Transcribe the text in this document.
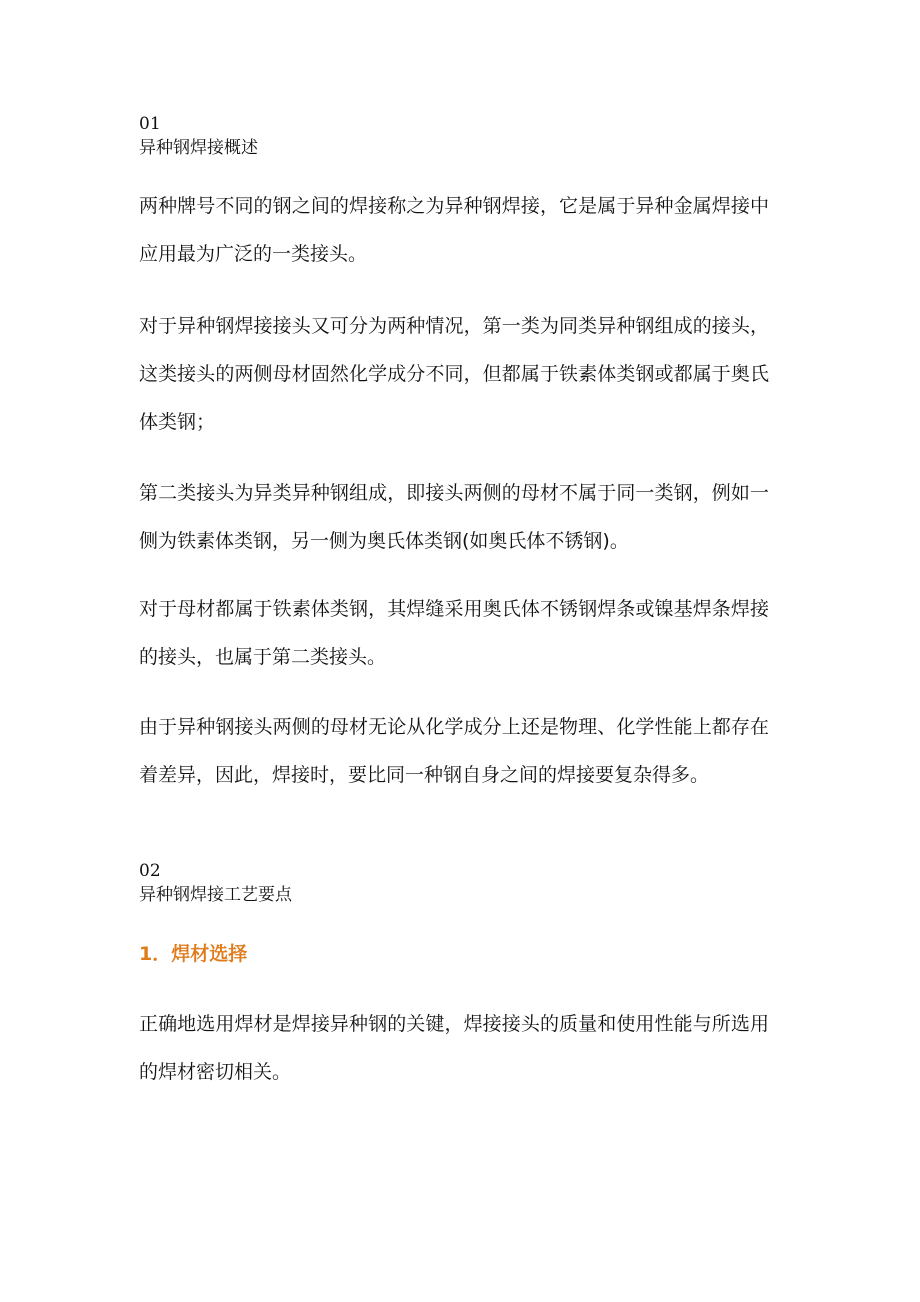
01
异种钢焊接概述

两种牌号不同的钢之间的焊接称之为异种钢焊接，它是属于异种金属焊接中应用最为广泛的一类接头。

对于异种钢焊接接头又可分为两种情况，第一类为同类异种钢组成的接头，这类接头的两侧母材固然化学成分不同，但都属于铁素体类钢或都属于奥氏体类钢；

第二类接头为异类异种钢组成，即接头两侧的母材不属于同一类钢，例如一侧为铁素体类钢，另一侧为奥氏体类钢(如奥氏体不锈钢)。

对于母材都属于铁素体类钢，其焊缝采用奥氏体不锈钢焊条或镍基焊条焊接的接头，也属于第二类接头。

由于异种钢接头两侧的母材无论从化学成分上还是物理、化学性能上都存在着差异，因此，焊接时，要比同一种钢自身之间的焊接要复杂得多。

02
异种钢焊接工艺要点
1．焊材选择

正确地选用焊材是焊接异种钢的关键，焊接接头的质量和使用性能与所选用的焊材密切相关。
